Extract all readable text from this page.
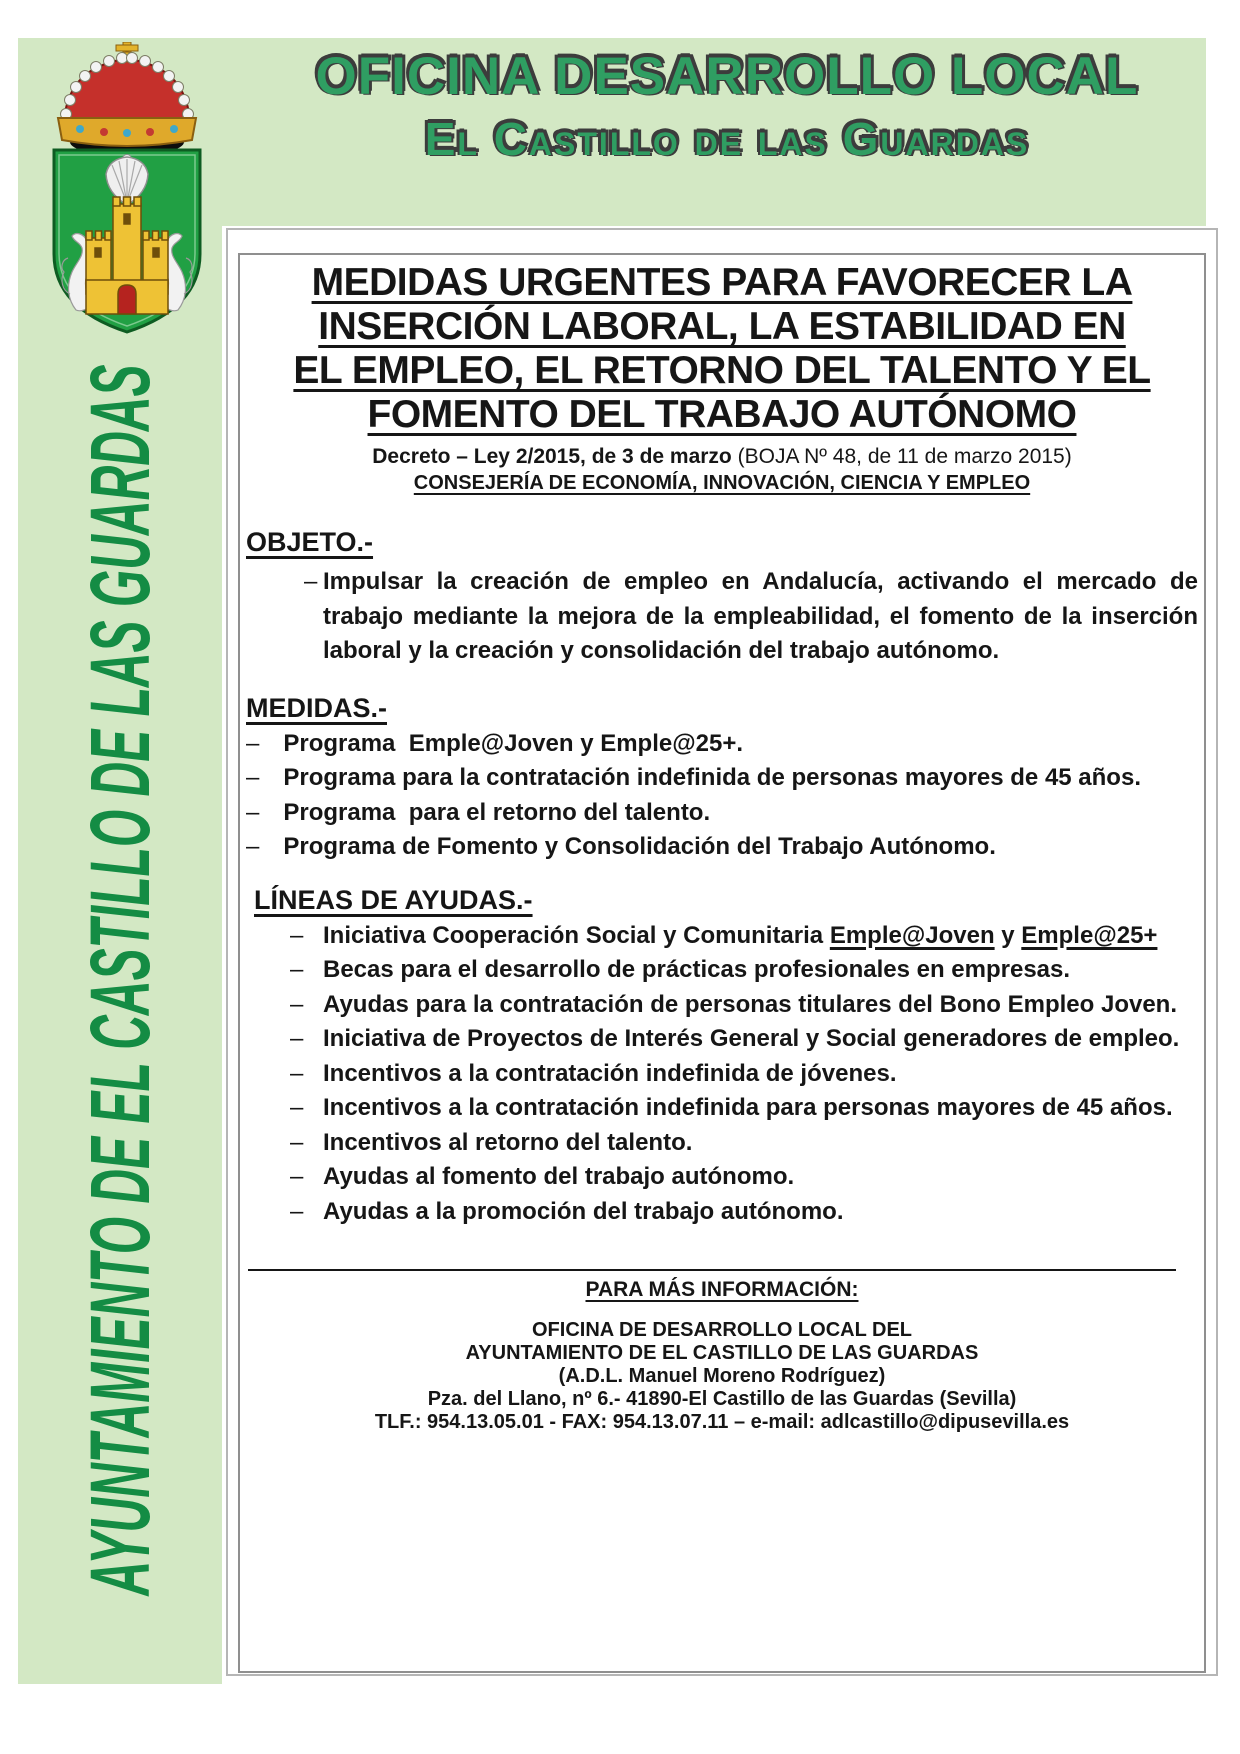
OFICINA DESARROLLO LOCAL
El Castillo de las Guardas
AYUNTAMIENTO DE EL CASTILLO DE LAS GUARDAS
MEDIDAS URGENTES PARA FAVORECER LA
INSERCIÓN LABORAL, LA ESTABILIDAD EN
EL EMPLEO, EL RETORNO DEL TALENTO Y EL
FOMENTO DEL TRABAJO AUTÓNOMO
Decreto – Ley 2/2015, de 3 de marzo (BOJA Nº 48, de 11 de marzo 2015)
CONSEJERÍA DE ECONOMÍA, INNOVACIÓN, CIENCIA Y EMPLEO
OBJETO.-

– Impulsar la creación de empleo en Andalucía, activando el mercado de trabajo mediante la mejora de la empleabilidad, el fomento de la inserción laboral y la creación y consolidación del trabajo autónomo.

MEDIDAS.-

– Programa  Emple@Joven y Emple@25+.

– Programa para la contratación indefinida de personas mayores de 45 años.

– Programa  para el retorno del talento.

– Programa de Fomento y Consolidación del Trabajo Autónomo.

LÍNEAS DE AYUDAS.-

– Iniciativa Cooperación Social y Comunitaria Emple@Joven y Emple@25+

– Becas para el desarrollo de prácticas profesionales en empresas.

– Ayudas para la contratación de personas titulares del Bono Empleo Joven.

– Iniciativa de Proyectos de Interés General y Social generadores de empleo.

– Incentivos a la contratación indefinida de jóvenes.

– Incentivos a la contratación indefinida para personas mayores de 45 años.

– Incentivos al retorno del talento.

– Ayudas al fomento del trabajo autónomo.

– Ayudas a la promoción del trabajo autónomo.

PARA MÁS INFORMACIÓN:
OFICINA DE DESARROLLO LOCAL DEL
AYUNTAMIENTO DE EL CASTILLO DE LAS GUARDAS
(A.D.L. Manuel Moreno Rodríguez)
Pza. del Llano, nº 6.- 41890-El Castillo de las Guardas (Sevilla)
TLF.: 954.13.05.01 - FAX: 954.13.07.11 – e-mail: adlcastillo@dipusevilla.es
